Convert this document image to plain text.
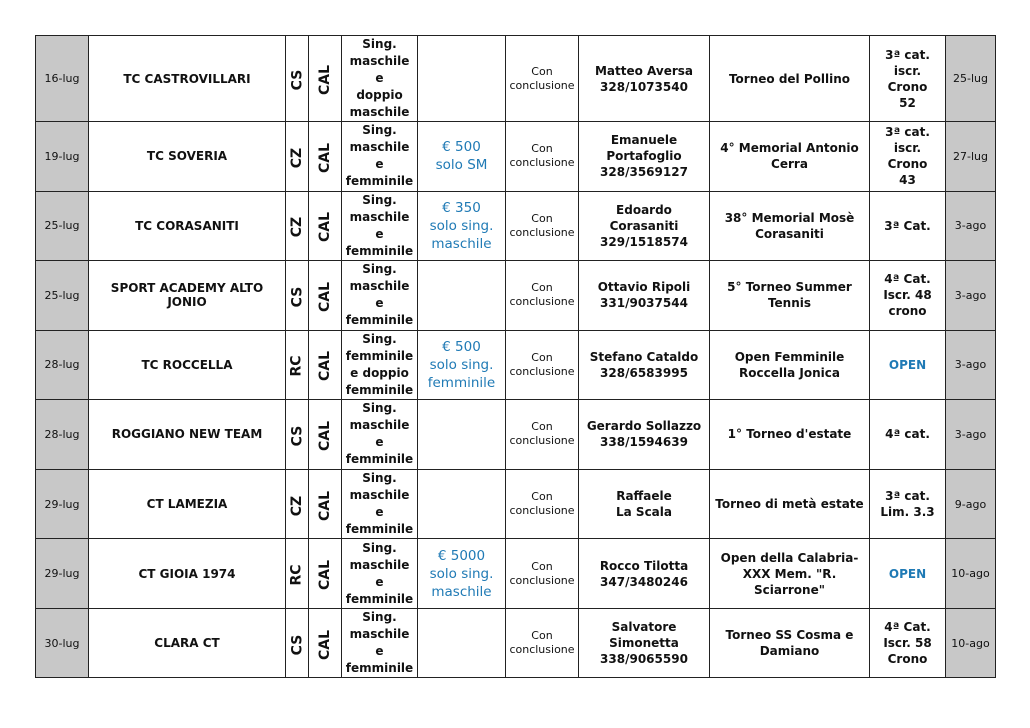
16-lug	TC CASTROVILLARI	CS	CAL	Sing.
maschile e
doppio
maschile		Con
conclusione	Matteo Aversa
328/1073540	Torneo del Pollino	3ª cat.
iscr. Crono
52	25-lug
19-lug	TC SOVERIA	CZ	CAL	Sing.
maschile e
femminile	€ 500
solo SM	Con
conclusione	Emanuele
Portafoglio
328/3569127	4° Memorial Antonio
Cerra	3ª cat.
iscr. Crono
43	27-lug
25-lug	TC CORASANITI	CZ	CAL	Sing.
maschile e
femminile	€ 350
solo sing.
maschile	Con
conclusione	Edoardo Corasaniti
329/1518574	38° Memorial Mosè
Corasaniti	3ª Cat.	3-ago
25-lug	SPORT ACADEMY ALTO JONIO	CS	CAL	Sing.
maschile e
femminile		Con
conclusione	Ottavio Ripoli
331/9037544	5° Torneo Summer Tennis	4ª Cat.
Iscr. 48
crono	3-ago
28-lug	TC ROCCELLA	RC	CAL	Sing.
femminile
e doppio
femminile	€ 500
solo sing.
femminile	Con
conclusione	Stefano Cataldo
328/6583995	Open Femminile
Roccella Jonica	OPEN	3-ago
28-lug	ROGGIANO NEW TEAM	CS	CAL	Sing.
maschile e
femminile		Con
conclusione	Gerardo Sollazzo
338/1594639	1° Torneo d'estate	4ª cat.	3-ago
29-lug	CT LAMEZIA	CZ	CAL	Sing.
maschile e
femminile		Con
conclusione	Raffaele
La Scala	Torneo di metà estate	3ª cat.
Lim. 3.3	9-ago
29-lug	CT GIOIA 1974	RC	CAL	Sing.
maschile e
femminile	€ 5000
solo sing.
maschile	Con
conclusione	Rocco Tilotta
347/3480246	Open della Calabria-
XXX Mem. "R. Sciarrone"	OPEN	10-ago
30-lug	CLARA CT	CS	CAL	Sing.
maschile e
femminile		Con
conclusione	Salvatore Simonetta
338/9065590	Torneo SS Cosma e
Damiano	4ª Cat.
Iscr. 58
Crono	10-ago
